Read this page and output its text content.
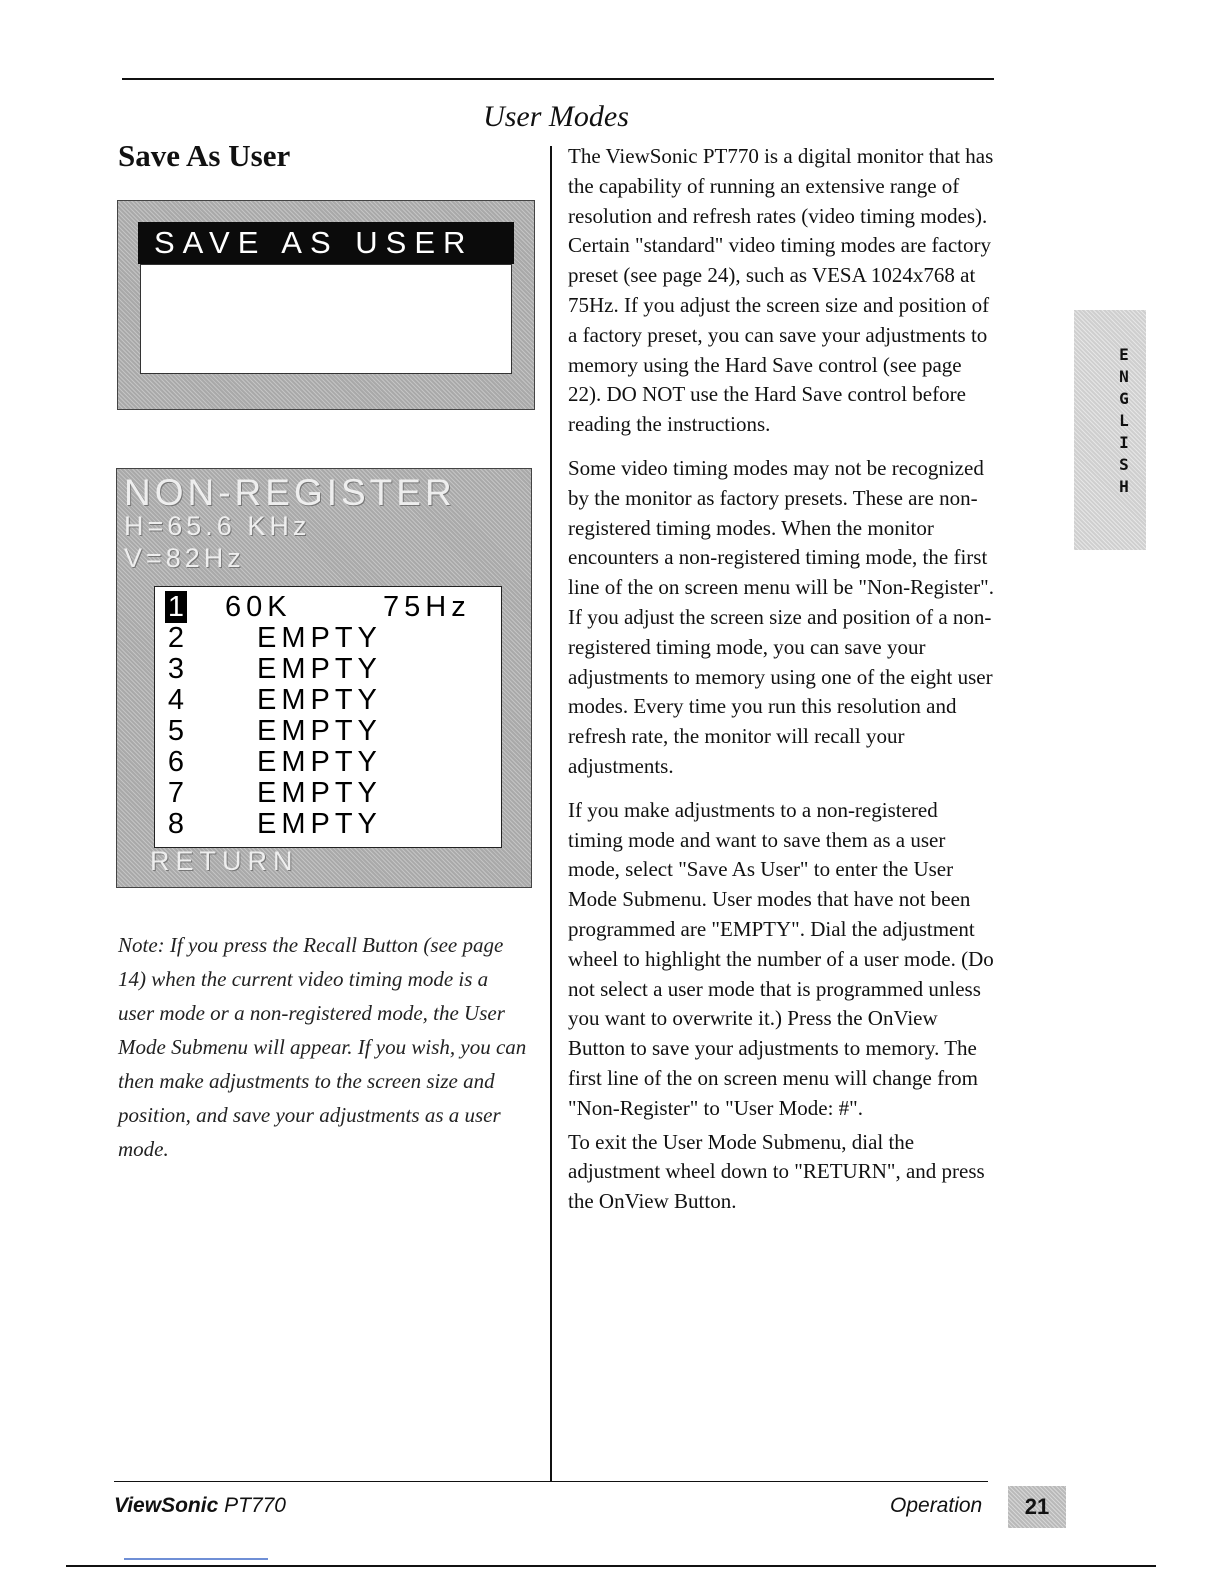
User Modes
Save As User
SAVE AS USER
NON-REGISTER
H=65.6 KHz
V=82Hz
1 60K	75Hz
2	EMPTY
3	EMPTY
4	EMPTY
5	EMPTY
6	EMPTY
7	EMPTY
8	EMPTY
RETURN
Note: If you press the Recall Button (see page 14) when the current video timing mode is a user mode or a non-registered mode, the User Mode Submenu will appear. If you wish, you can then make adjustments to the screen size and position, and save your adjustments as a user mode.

The ViewSonic PT770 is a digital monitor that has the capability of running an extensive range of resolution and refresh rates (video timing modes). Certain "standard" video timing modes are factory preset (see page 24), such as VESA 1024x768 at 75Hz. If you adjust the screen size and position of a factory preset, you can save your adjustments to memory using the Hard Save control (see page 22). DO NOT use the Hard Save control before reading the instructions.

Some video timing modes may not be recognized by the monitor as factory presets. These are non-registered timing modes. When the monitor encounters a non-registered timing mode, the first line of the on screen menu will be "Non-Register". If you adjust the screen size and position of a non-registered timing mode, you can save your adjustments to memory using one of the eight user modes. Every time you run this resolution and refresh rate, the monitor will recall your adjustments.

If you make adjustments to a non-registered timing mode and want to save them as a user mode, select "Save As User" to enter the User Mode Submenu. User modes that have not been programmed are "EMPTY". Dial the adjustment wheel to highlight the number of a user mode. (Do not select a user mode that is programmed unless you want to overwrite it.) Press the OnView Button to save your adjustments to memory. The first line of the on screen menu will change from "Non-Register" to "User Mode: #".

To exit the User Mode Submenu, dial the adjustment wheel down to "RETURN", and press the OnView Button.

E
N
G
L
I
S
H
ViewSonic PT770	Operation	21
